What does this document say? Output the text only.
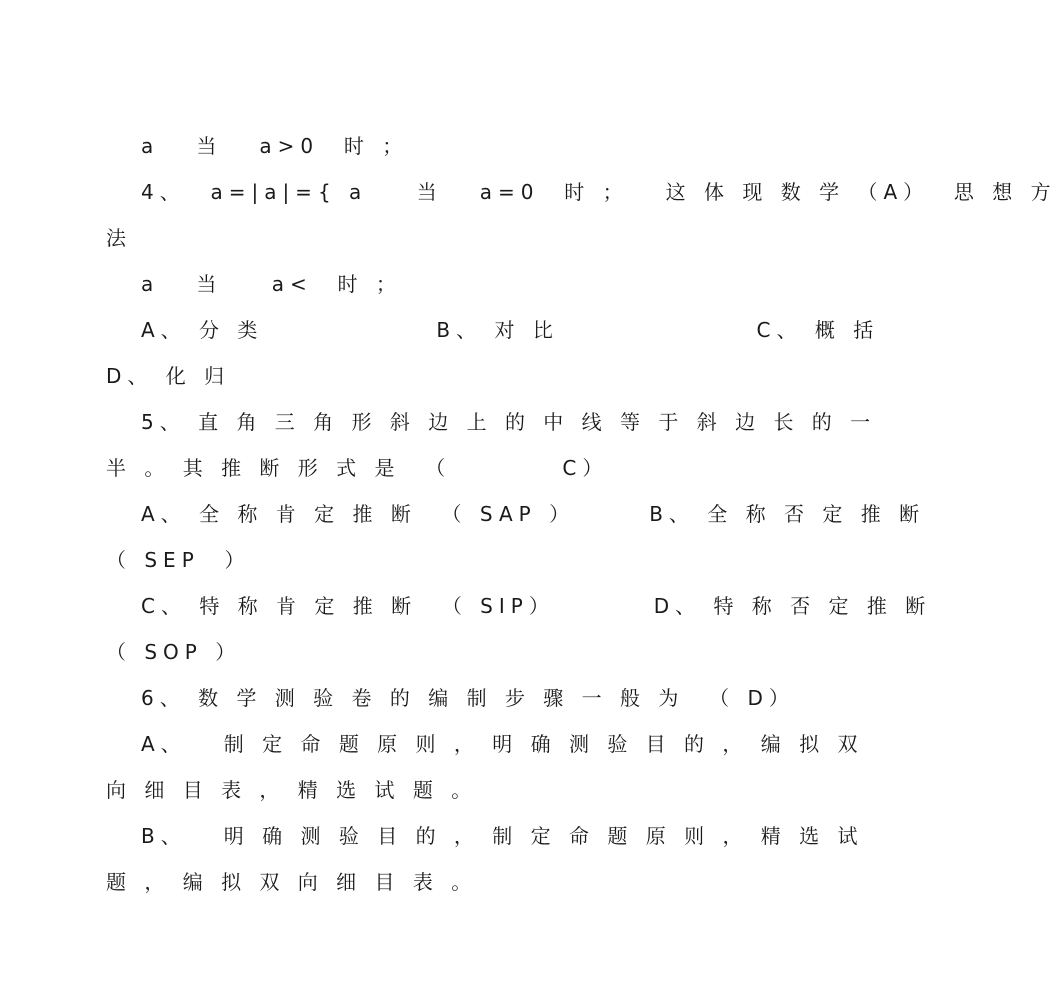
a   当   a>0  时 ；
4、  a=|a|={ a    当   a=0  时 ；   这 体 现 数 学 （A）  思 想 方
法
a   当    a<  时 ；
A、 分 类              B、 对 比                C、 概 括
D、 化 归
5、 直 角 三 角 形 斜 边 上 的 中 线 等 于 斜 边 长 的 一
半 。 其 推 断 形 式 是  （         C）
A、 全 称 肯 定 推 断  （ SAP ）      B、 全 称 否 定 推 断
（ SEP  ）
C、 特 称 肯 定 推 断  （ SIP）        D、 特 称 否 定 推 断
（ SOP ）
6、 数 学 测 验 卷 的 编 制 步 骤 一 般 为  （ D）
A、   制 定 命 题 原 则 ， 明 确 测 验 目 的 ， 编 拟 双
向 细 目 表 ， 精 选 试 题 。
B、   明 确 测 验 目 的 ， 制 定 命 题 原 则 ， 精 选 试
题 ， 编 拟 双 向 细 目 表 。
